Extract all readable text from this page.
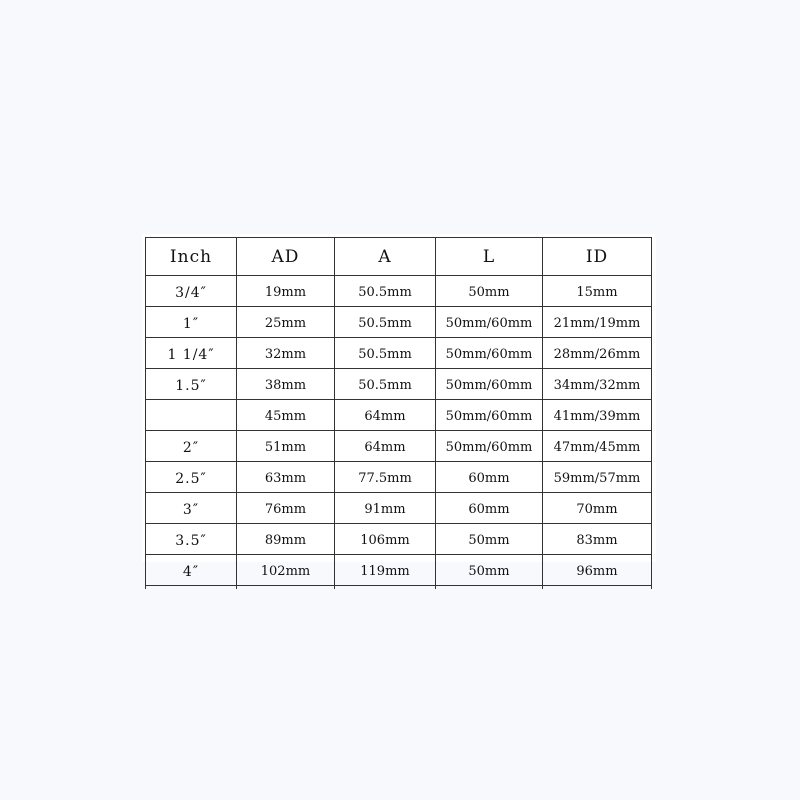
Inch	AD	A	L	ID
3/4″	19mm	50.5mm	50mm	15mm
1″	25mm	50.5mm	50mm/60mm	21mm/19mm
1 1/4″	32mm	50.5mm	50mm/60mm	28mm/26mm
1.5″	38mm	50.5mm	50mm/60mm	34mm/32mm
	45mm	64mm	50mm/60mm	41mm/39mm
2″	51mm	64mm	50mm/60mm	47mm/45mm
2.5″	63mm	77.5mm	60mm	59mm/57mm
3″	76mm	91mm	60mm	70mm
3.5″	89mm	106mm	50mm	83mm
4″	102mm	119mm	50mm	96mm
